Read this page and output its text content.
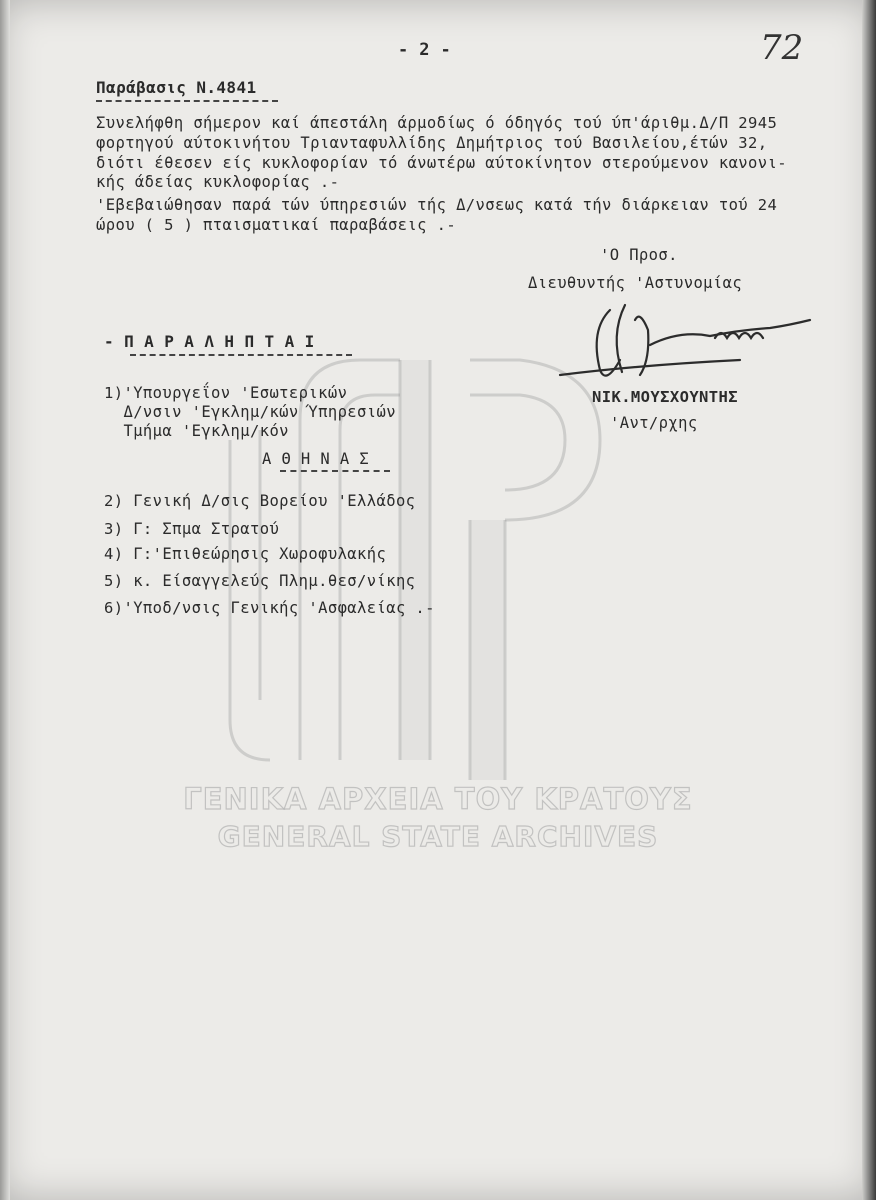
ΓΕΝΙΚΑ ΑΡΧΕΙΑ ΤΟΥ ΚΡΑΤΟΥΣ
GENERAL STATE ARCHIVES
- 2 -	72
Παράβασις Ν.4841
Συνελήφθη σήμερον καί άπεστάλη άρμοδίως ό όδηγός τού ύπ'άριθμ.Δ/Π 2945
φορτηγού αύτοκινήτου Τριανταφυλλίδης Δημήτριος τού Βασιλείου,έτών 32,
διότι έθεσεν είς κυκλοφορίαν τό άνωτέρω αύτοκίνητον στερούμενον κανονι-
κής άδείας κυκλοφορίας .-
'Εβεβαιώθησαν παρά τών ύπηρεσιών τής Δ/νσεως κατά τήν διάρκειαν τού 24
ώρου ( 5 ) πταισματικαί παραβάσεις .-
'Ο Προσ.
Διευθυντής 'Αστυνομίας
ΝΙΚ.ΜΟΥΣΧΟΥΝΤΗΣ
'Αντ/ρχης
- Π Α Ρ Α Λ Η Π Τ Α Ι
1)'Υπουργεΐον 'Εσωτερικών
Δ/νσιν 'Εγκλημ/κών Ύπηρεσιών
Τμήμα 'Εγκλημ/κόν
Α Θ Η Ν Α Σ
2) Γενική Δ/σις Βορείου 'Ελλάδος
3) Γ: Σπμα Στρατού
4) Γ:'Επιθεώρησις Χωροφυλακής
5) κ. Είσαγγελεύς Πλημ.θεσ/νίκης
6)'Υποδ/νσις Γενικής 'Ασφαλείας .-
